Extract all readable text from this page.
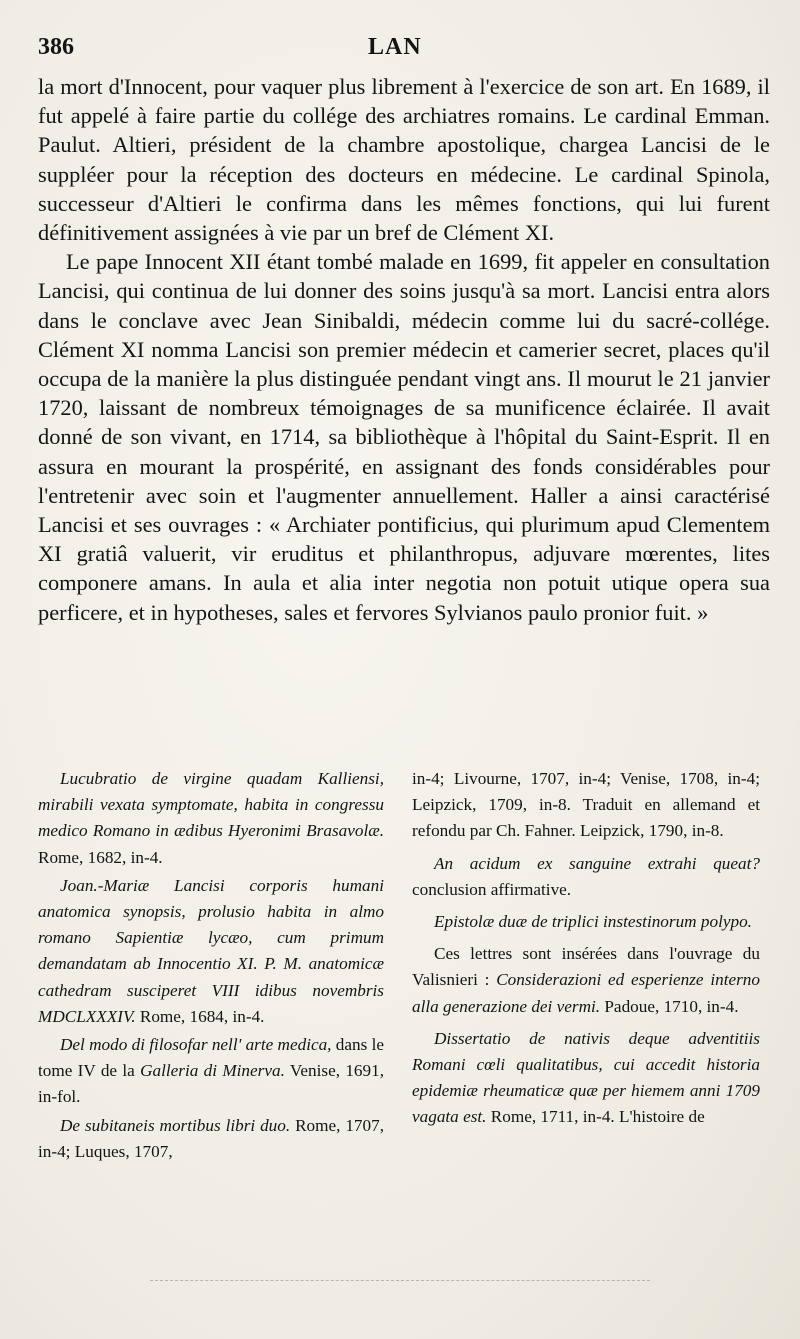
386	LAN

la mort d'Innocent, pour vaquer plus librement à l'exercice de son art. En 1689, il fut appelé à faire partie du collége des archiatres romains. Le cardinal Emman. Paulut. Altieri, président de la chambre apostolique, chargea Lancisi de le suppléer pour la réception des docteurs en médecine. Le cardinal Spinola, successeur d'Altieri le confirma dans les mêmes fonctions, qui lui furent définitivement assignées à vie par un bref de Clément XI.

Le pape Innocent XII étant tombé malade en 1699, fit appeler en consultation Lancisi, qui continua de lui donner des soins jusqu'à sa mort. Lancisi entra alors dans le conclave avec Jean Sinibaldi, médecin comme lui du sacré-collége. Clément XI nomma Lancisi son premier médecin et camerier secret, places qu'il occupa de la manière la plus distinguée pendant vingt ans. Il mourut le 21 janvier 1720, laissant de nombreux témoignages de sa munificence éclairée. Il avait donné de son vivant, en 1714, sa bibliothèque à l'hôpital du Saint-Esprit. Il en assura en mourant la prospérité, en assignant des fonds considérables pour l'entretenir avec soin et l'augmenter annuellement. Haller a ainsi caractérisé Lancisi et ses ouvrages : « Archiater pontificius, qui plurimum apud Clementem XI gratiâ valuerit, vir eruditus et philanthropus, adjuvare mœrentes, lites componere amans. In aula et alia inter negotia non potuit utique opera sua perficere, et in hypotheses, sales et fervores Sylvianos paulo pronior fuit. »

Lucubratio de virgine quadam Kalliensi, mirabili vexata symptomate, habita in congressu medico Romano in ædibus Hyeronimi Brasavolæ. Rome, 1682, in-4.

Joan.-Mariæ Lancisi corporis humani anatomica synopsis, prolusio habita in almo romano Sapientiæ lycæo, cum primum demandatam ab Innocentio XI. P. M. anatomicæ cathedram susciperet VIII idibus novembris MDCLXXXIV. Rome, 1684, in-4.

Del modo di filosofar nell' arte medica, dans le tome IV de la Galleria di Minerva. Venise, 1691, in-fol.

De subitaneis mortibus libri duo. Rome, 1707, in-4; Luques, 1707,

in-4; Livourne, 1707, in-4; Venise, 1708, in-4; Leipzick, 1709, in-8. Traduit en allemand et refondu par Ch. Fahner. Leipzick, 1790, in-8.

An acidum ex sanguine extrahi queat? conclusion affirmative.

Epistolæ duæ de triplici instestinorum polypo.

Ces lettres sont insérées dans l'ouvrage du Valisnieri : Considerazioni ed esperienze interno alla generazione dei vermi. Padoue, 1710, in-4.

Dissertatio de nativis deque adventitiis Romani cœli qualitatibus, cui accedit historia epidemiæ rheumaticæ quæ per hiemem anni 1709 vagata est. Rome, 1711, in-4. L'histoire de
